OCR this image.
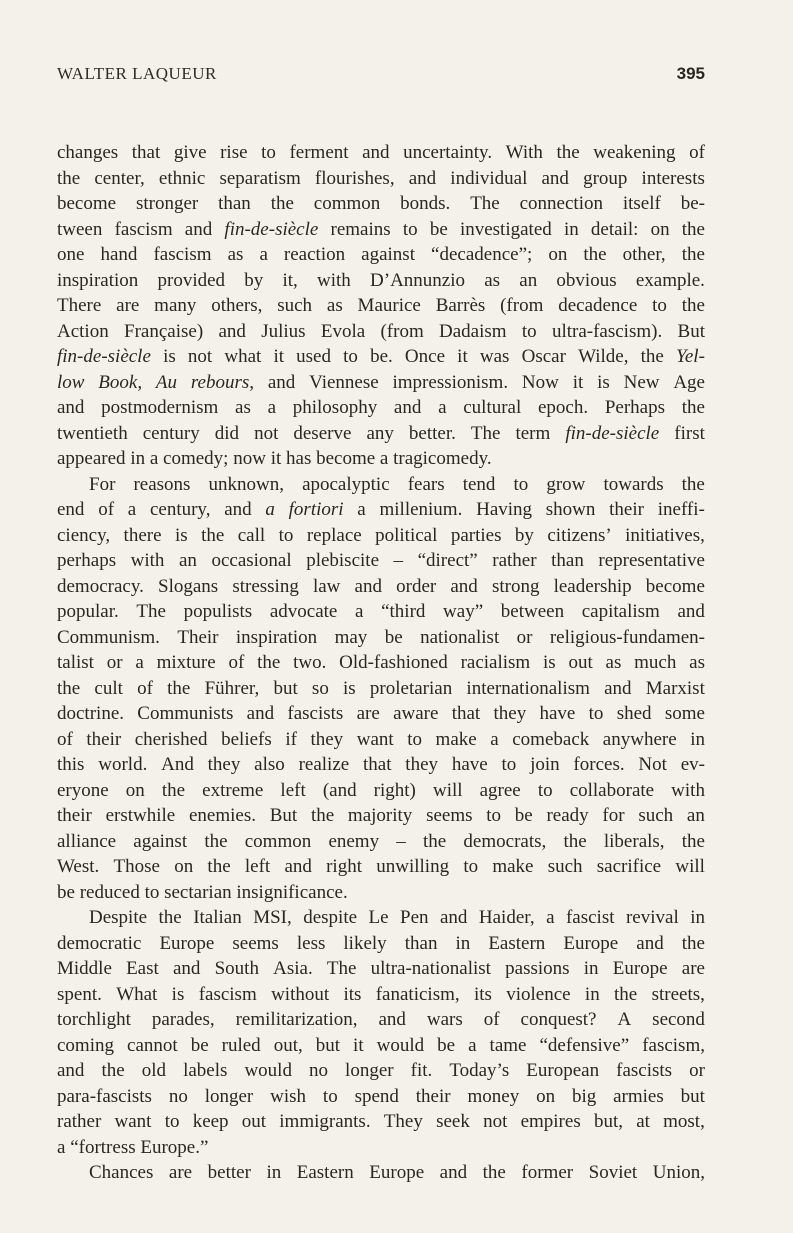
WALTER LAQUEUR	395
changes that give rise to ferment and uncertainty. With the weakening of
the center, ethnic separatism flourishes, and individual and group interests
become stronger than the common bonds. The connection itself be-
tween fascism and fin-de-siècle remains to be investigated in detail: on the
one hand fascism as a reaction against “decadence”; on the other, the
inspiration provided by it, with D’Annunzio as an obvious example.
There are many others, such as Maurice Barrès (from decadence to the
Action Française) and Julius Evola (from Dadaism to ultra-fascism). But
fin-de-siècle is not what it used to be. Once it was Oscar Wilde, the Yel-
low Book, Au rebours, and Viennese impressionism. Now it is New Age
and postmodernism as a philosophy and a cultural epoch. Perhaps the
twentieth century did not deserve any better. The term fin-de-siècle first
appeared in a comedy; now it has become a tragicomedy.
For reasons unknown, apocalyptic fears tend to grow towards the
end of a century, and a fortiori a millenium. Having shown their ineffi-
ciency, there is the call to replace political parties by citizens’ initiatives,
perhaps with an occasional plebiscite – “direct” rather than representative
democracy. Slogans stressing law and order and strong leadership become
popular. The populists advocate a “third way” between capitalism and
Communism. Their inspiration may be nationalist or religious-fundamen-
talist or a mixture of the two. Old-fashioned racialism is out as much as
the cult of the Führer, but so is proletarian internationalism and Marxist
doctrine. Communists and fascists are aware that they have to shed some
of their cherished beliefs if they want to make a comeback anywhere in
this world. And they also realize that they have to join forces. Not ev-
eryone on the extreme left (and right) will agree to collaborate with
their erstwhile enemies. But the majority seems to be ready for such an
alliance against the common enemy – the democrats, the liberals, the
West. Those on the left and right unwilling to make such sacrifice will
be reduced to sectarian insignificance.
Despite the Italian MSI, despite Le Pen and Haider, a fascist revival in
democratic Europe seems less likely than in Eastern Europe and the
Middle East and South Asia. The ultra-nationalist passions in Europe are
spent. What is fascism without its fanaticism, its violence in the streets,
torchlight parades, remilitarization, and wars of conquest? A second
coming cannot be ruled out, but it would be a tame “defensive” fascism,
and the old labels would no longer fit. Today’s European fascists or
para-fascists no longer wish to spend their money on big armies but
rather want to keep out immigrants. They seek not empires but, at most,
a “fortress Europe.”
Chances are better in Eastern Europe and the former Soviet Union,
